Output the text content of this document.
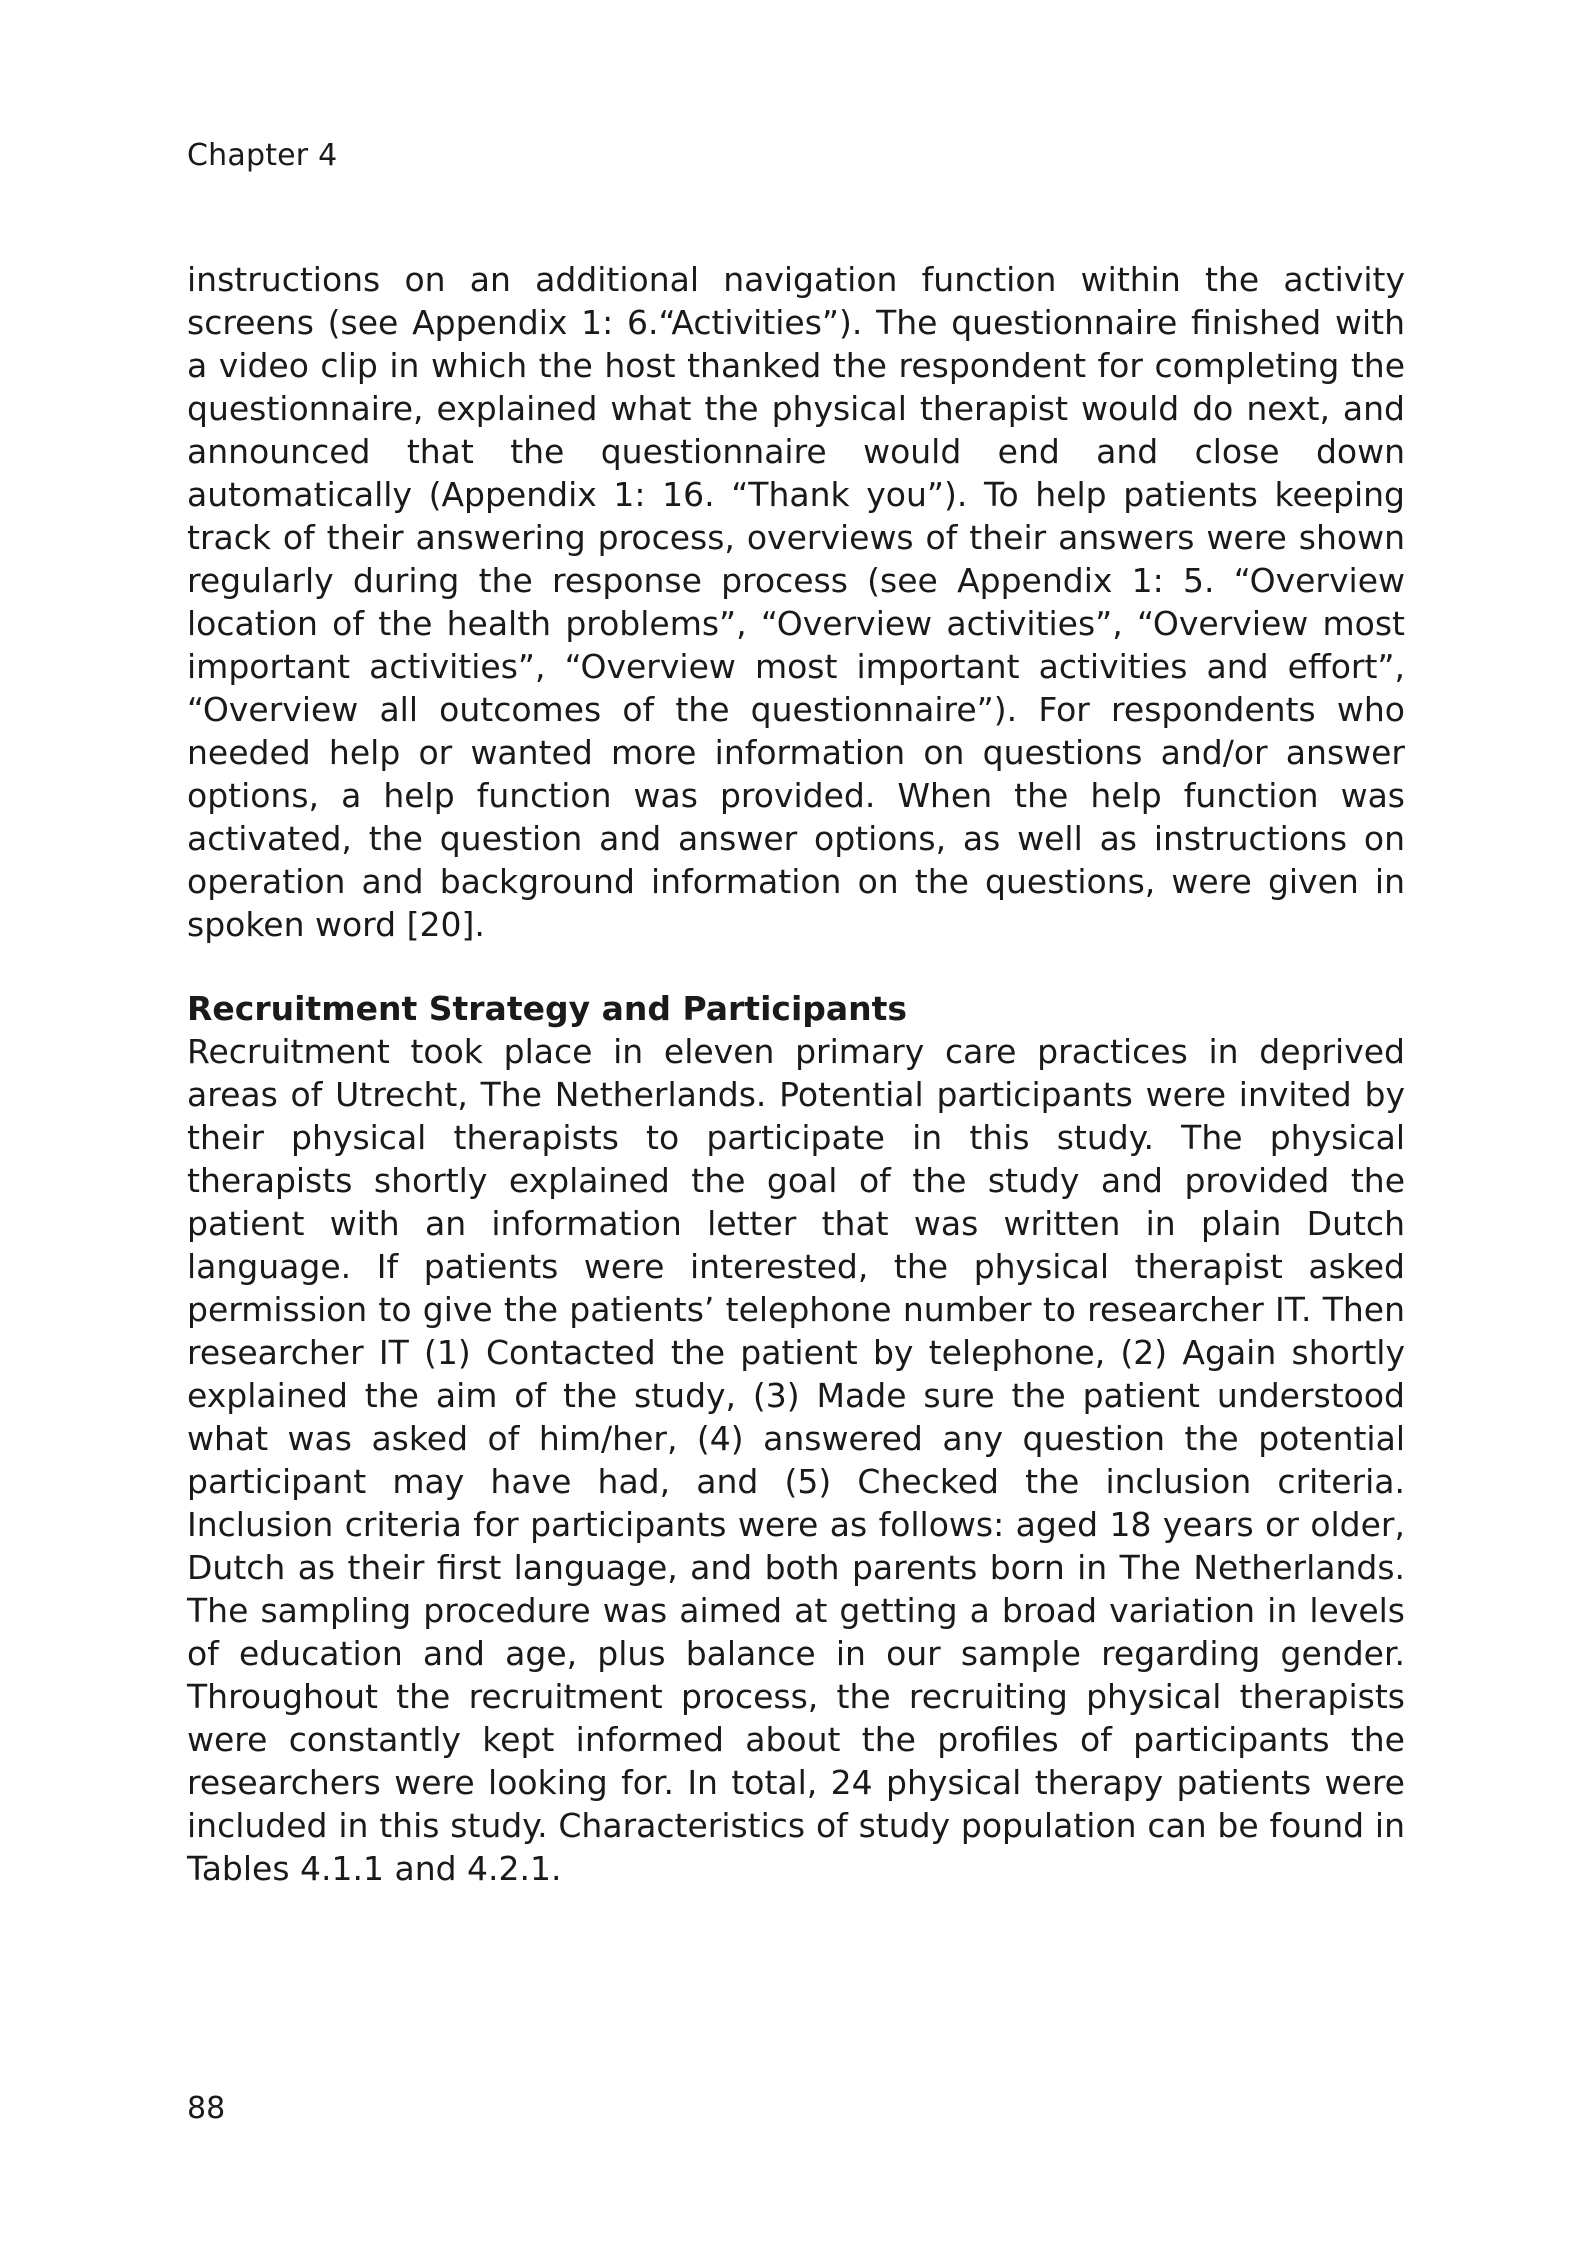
Chapter 4

instructions on an additional navigation function within the activity screens (see Appendix 1: 6.“Activities”). The questionnaire finished with a video clip in which the host thanked the respondent for completing the questionnaire, explained what the physical therapist would do next, and announced that the questionnaire would end and close down automatically (Appendix 1: 16. “Thank you”). To help patients keeping track of their answering process, overviews of their answers were shown regularly during the response process (see Appendix 1: 5. “Overview location of the health problems”, “Overview activities”, “Overview most important activities”, “Overview most important activities and effort”, “Overview all outcomes of the questionnaire”). For respondents who needed help or wanted more information on questions and/or answer options, a help function was provided. When the help function was activated, the question and answer options, as well as instructions on operation and background information on the questions, were given in spoken word [20].

Recruitment Strategy and Participants

Recruitment took place in eleven primary care practices in deprived areas of Utrecht, The Netherlands. Potential participants were invited by their physical therapists to participate in this study. The physical therapists shortly explained the goal of the study and provided the patient with an information letter that was written in plain Dutch language. If patients were interested, the physical therapist asked permission to give the patients’ telephone number to researcher IT. Then researcher IT (1) Contacted the patient by telephone, (2) Again shortly explained the aim of the study, (3) Made sure the patient understood what was asked of him/her, (4) answered any question the potential participant may have had, and (5) Checked the inclusion criteria. Inclusion criteria for participants were as follows: aged 18 years or older, Dutch as their first language, and both parents born in The Netherlands. The sampling procedure was aimed at getting a broad variation in levels of education and age, plus balance in our sample regarding gender. Throughout the recruitment process, the recruiting physical therapists were constantly kept informed about the profiles of participants the researchers were looking for. In total, 24 physical therapy patients were included in this study. Characteristics of study population can be found in Tables 4.1.1 and 4.2.1.

88
